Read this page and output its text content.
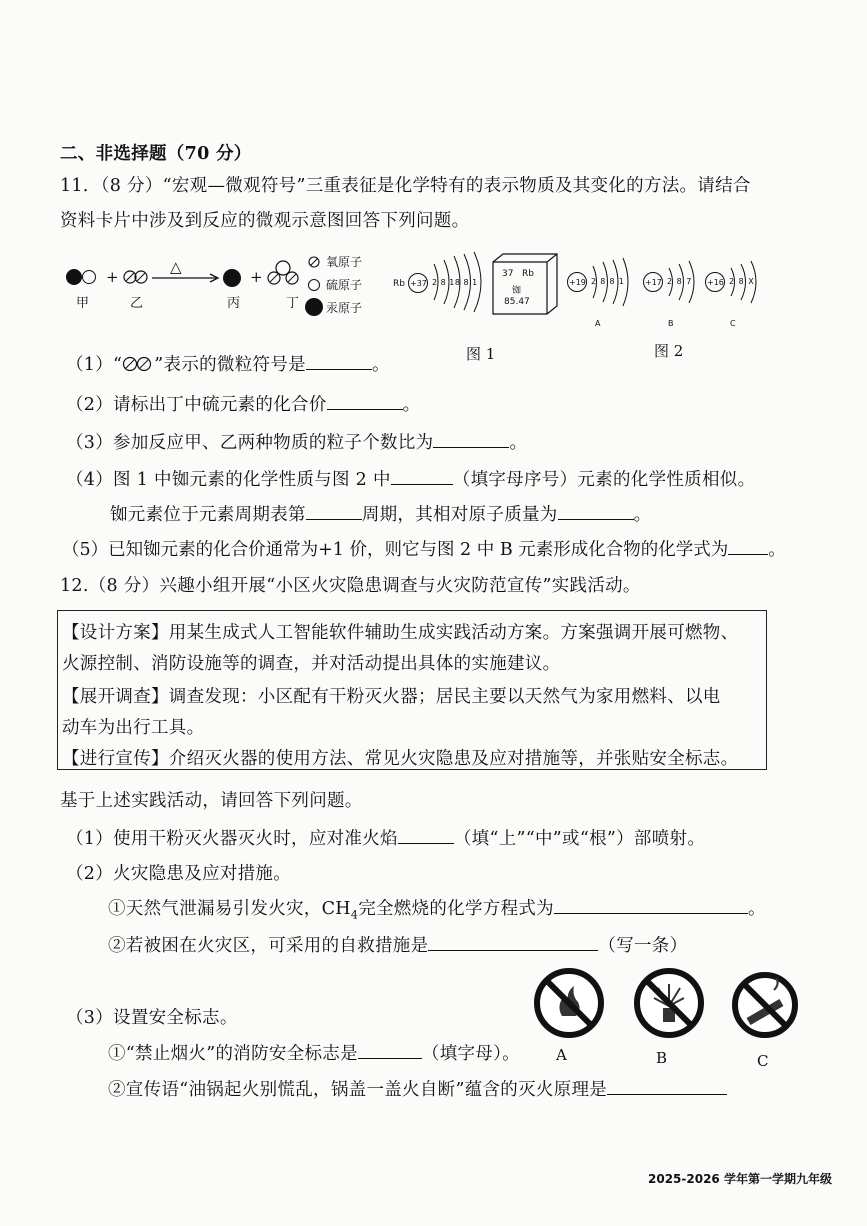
二、非选择题（70 分）
11．（8 分）“宏观—微观符号”三重表征是化学特有的表示物质及其变化的方法。请结合
资料卡片中涉及到反应的微观示意图回答下列问题。
甲
+
乙
△
丙
+
丁
氧原子
硫原子
汞原子
Rb +37 2 8 18 8 1
37 Rb
铷
85.47
图 1
+19 2 8 8 1
A
+17 2 8 7
B
+16 2 8 X
C
图 2
（1）“ ”表示的微粒符号是	。
（2）请标出丁中硫元素的化合价	。
（3）参加反应甲、乙两种物质的粒子个数比为	。
（4）图 1 中铷元素的化学性质与图 2 中	（填字母序号）元素的化学性质相似。
铷元素位于元素周期表第	周期，其相对原子质量为	。
（5）已知铷元素的化合价通常为+1 价，则它与图 2 中 B 元素形成化合物的化学式为 。
12.（8 分）兴趣小组开展“小区火灾隐患调查与火灾防范宣传”实践活动。
【设计方案】用某生成式人工智能软件辅助生成实践活动方案。方案强调开展可燃物、
火源控制、消防设施等的调查，并对活动提出具体的实施建议。
【展开调查】调查发现：小区配有干粉灭火器；居民主要以天然气为家用燃料、以电
动车为出行工具。
【进行宣传】介绍灭火器的使用方法、常见火灾隐患及应对措施等，并张贴安全标志。
基于上述实践活动，请回答下列问题。
（1）使用干粉灭火器灭火时，应对准火焰	（填“上”“中”或“根”）部喷射。
（2）火灾隐患及应对措施。
①天然气泄漏易引发火灾，$CH_4$完全燃烧的化学方程式为	。
②若被困在火灾区，可采用的自救措施是	（写一条）
（3）设置安全标志。
①“禁止烟火”的消防安全标志是	（填字母）。
②宣传语“油锅起火别慌乱，锅盖一盖火自断”蕴含的灭火原理是
A	B	C
2025-2026 学年第一学期九年级
